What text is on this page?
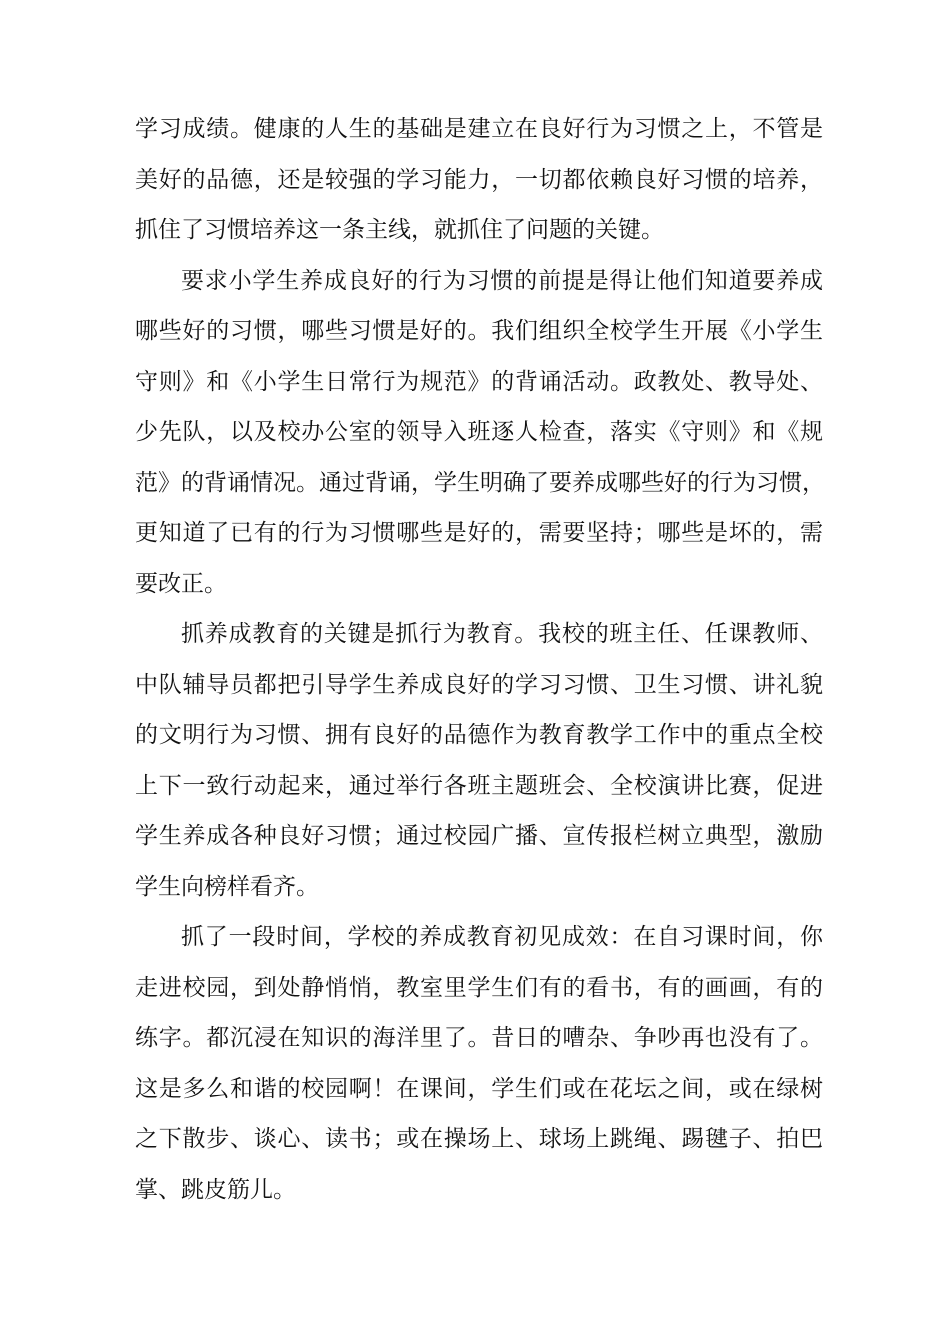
学习成绩。健康的人生的基础是建立在良好行为习惯之上，不管是
美好的品德，还是较强的学习能力，一切都依赖良好习惯的培养，
抓住了习惯培养这一条主线，就抓住了问题的关键。
要求小学生养成良好的行为习惯的前提是得让他们知道要养成
哪些好的习惯，哪些习惯是好的。我们组织全校学生开展《小学生
守则》和《小学生日常行为规范》的背诵活动。政教处、教导处、
少先队，以及校办公室的领导入班逐人检查，落实《守则》和《规
范》的背诵情况。通过背诵，学生明确了要养成哪些好的行为习惯，
更知道了已有的行为习惯哪些是好的，需要坚持；哪些是坏的，需
要改正。
抓养成教育的关键是抓行为教育。我校的班主任、任课教师、
中队辅导员都把引导学生养成良好的学习习惯、卫生习惯、讲礼貌
的文明行为习惯、拥有良好的品德作为教育教学工作中的重点全校
上下一致行动起来，通过举行各班主题班会、全校演讲比赛，促进
学生养成各种良好习惯；通过校园广播、宣传报栏树立典型，激励
学生向榜样看齐。
抓了一段时间，学校的养成教育初见成效：在自习课时间，你
走进校园，到处静悄悄，教室里学生们有的看书，有的画画，有的
练字。都沉浸在知识的海洋里了。昔日的嘈杂、争吵再也没有了。
这是多么和谐的校园啊！在课间，学生们或在花坛之间，或在绿树
之下散步、谈心、读书；或在操场上、球场上跳绳、踢毽子、拍巴
掌、跳皮筋儿。
